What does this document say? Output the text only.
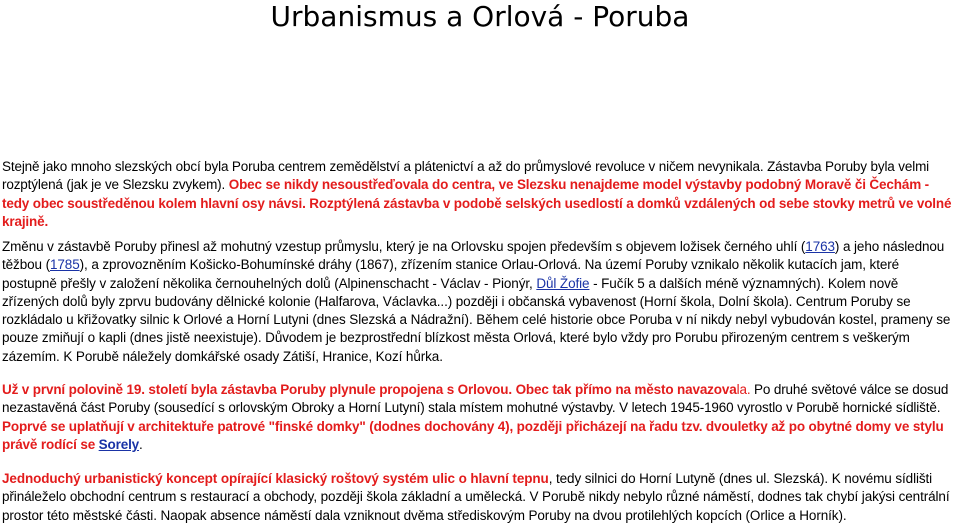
Urbanismus a Orlová - Poruba

Stejně jako mnoho slezských obcí byla Poruba centrem zemědělství a plátenictví a až do průmyslové revoluce v ničem nevynikala. Zástavba Poruby byla velmi rozptýlená (jak je ve Slezsku zvykem). Obec se nikdy nesoustřeďovala do centra, ve Slezsku nenajdeme model výstavby podobný Moravě či Čechám - tedy obec soustředěnou kolem hlavní osy návsi. Rozptýlená zástavba v podobě selských usedlostí a domků vzdálených od sebe stovky metrů ve volné krajině.

Změnu v zástavbě Poruby přinesl až mohutný vzestup průmyslu, který je na Orlovsku spojen především s objevem ložisek černého uhlí (1763) a jeho následnou těžbou (1785), a zprovozněním Košicko-Bohumínské dráhy (1867), zřízením stanice Orlau-Orlová. Na území Poruby vznikalo několik kutacích jam, které postupně přešly v založení několika černouhelných dolů (Alpinenschacht - Václav - Pionýr, Důl Žofie - Fučík 5 a dalších méně významných). Kolem nově zřízených dolů byly zprvu budovány dělnické kolonie (Halfarova, Václavka...) později i občanská vybavenost (Horní škola, Dolní škola). Centrum Poruby se rozkládalo u křižovatky silnic k Orlové a Horní Lutyni (dnes Slezská a Nádražní). Během celé historie obce Poruba v ní nikdy nebyl vybudován kostel, prameny se pouze zmiňují o kapli (dnes jistě neexistuje). Důvodem je bezprostřední blízkost města Orlová, které bylo vždy pro Porubu přirozeným centrem s veškerým zázemím. K Porubě náležely domkářské osady Zátiší, Hranice, Kozí hůrka.

Už v první polovině 19. století byla zástavba Poruby plynule propojena s Orlovou. Obec tak přímo na město navazovala. Po druhé světové válce se dosud nezastavěná část Poruby (sousedící s orlovským Obroky a Horní Lutyní) stala místem mohutné výstavby. V letech 1945-1960 vyrostlo v Porubě hornické sídliště. Poprvé se uplatňují v architektuře patrové "finské domky" (dodnes dochovány 4), později přicházejí na řadu tzv. dvouletky až po obytné domy ve stylu právě rodící se Sorely.

Jednoduchý urbanistický koncept opírající klasický roštový systém ulic o hlavní tepnu, tedy silnici do Horní Lutyně (dnes ul. Slezská). K novému sídlišti přináleželo obchodní centrum s restaurací a obchody, později škola základní a umělecká. V Porubě nikdy nebylo různé náměstí, dodnes tak chybí jakýsi centrální prostor této městské části. Naopak absence náměstí dala vzniknout dvěma střediskovým Poruby na dvou protilehlých kopcích (Orlice a Horník).
